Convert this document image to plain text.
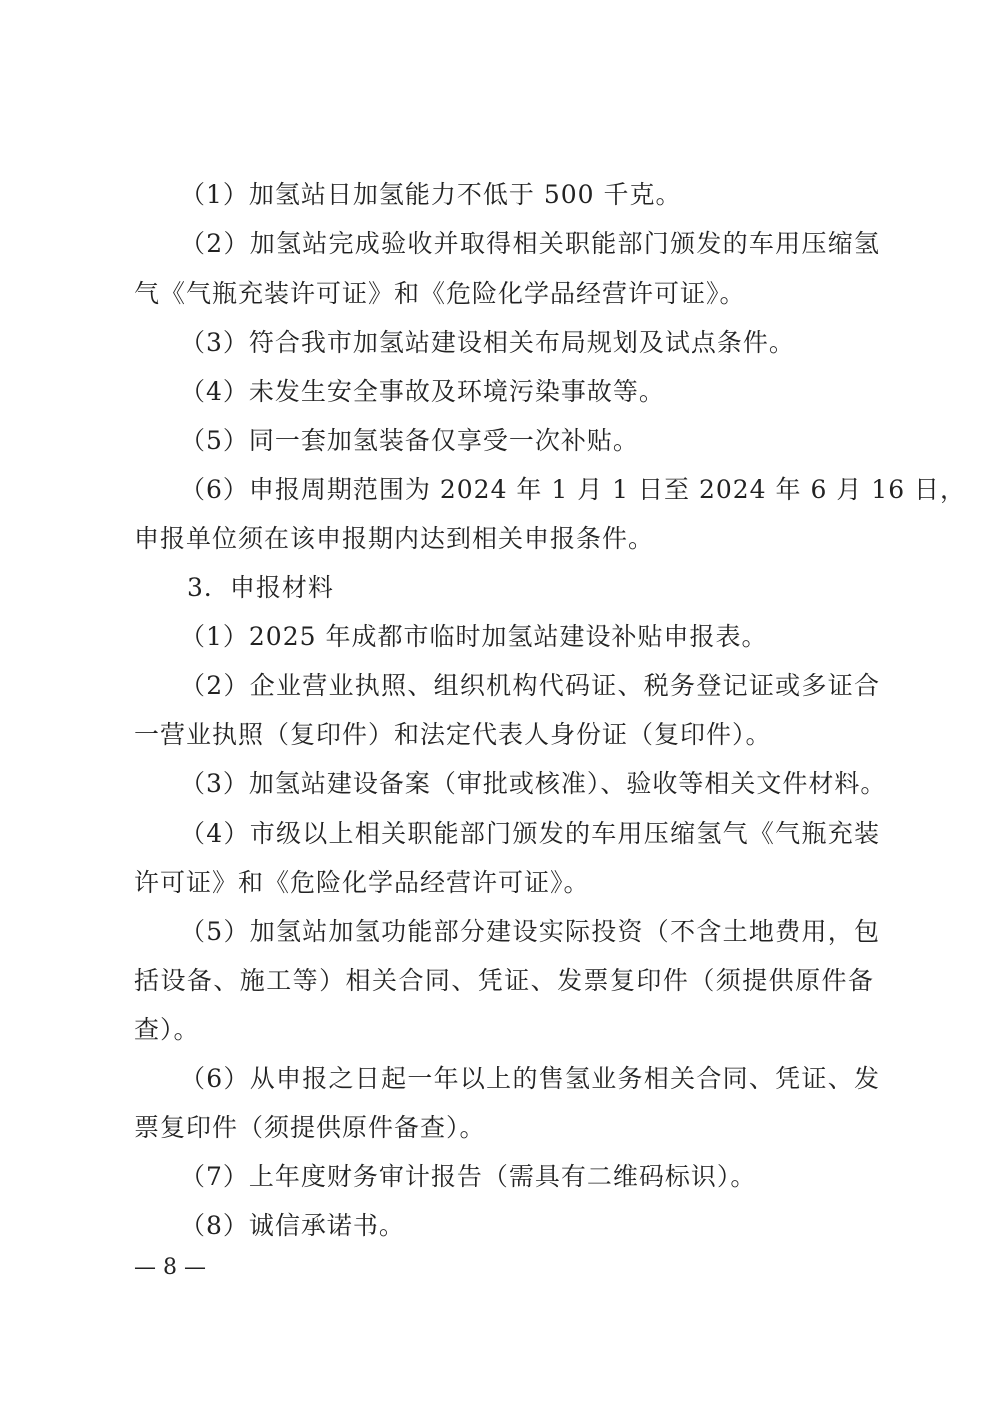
（1）加氢站日加氢能力不低于 500 千克。
（2）加氢站完成验收并取得相关职能部门颁发的车用压缩氢
气《气瓶充装许可证》和《危险化学品经营许可证》。
（3）符合我市加氢站建设相关布局规划及试点条件。
（4）未发生安全事故及环境污染事故等。
（5）同一套加氢装备仅享受一次补贴。
（6）申报周期范围为 2024 年 1 月 1 日至 2024 年 6 月 16 日，
申报单位须在该申报期内达到相关申报条件。
3．申报材料
（1）2025 年成都市临时加氢站建设补贴申报表。
（2）企业营业执照、组织机构代码证、税务登记证或多证合
一营业执照（复印件）和法定代表人身份证（复印件）。
（3）加氢站建设备案（审批或核准）、验收等相关文件材料。
（4）市级以上相关职能部门颁发的车用压缩氢气《气瓶充装
许可证》和《危险化学品经营许可证》。
（5）加氢站加氢功能部分建设实际投资（不含土地费用，包
括设备、施工等）相关合同、凭证、发票复印件（须提供原件备
查）。
（6）从申报之日起一年以上的售氢业务相关合同、凭证、发
票复印件（须提供原件备查）。
（7）上年度财务审计报告（需具有二维码标识）。
（8）诚信承诺书。
— 8 —
